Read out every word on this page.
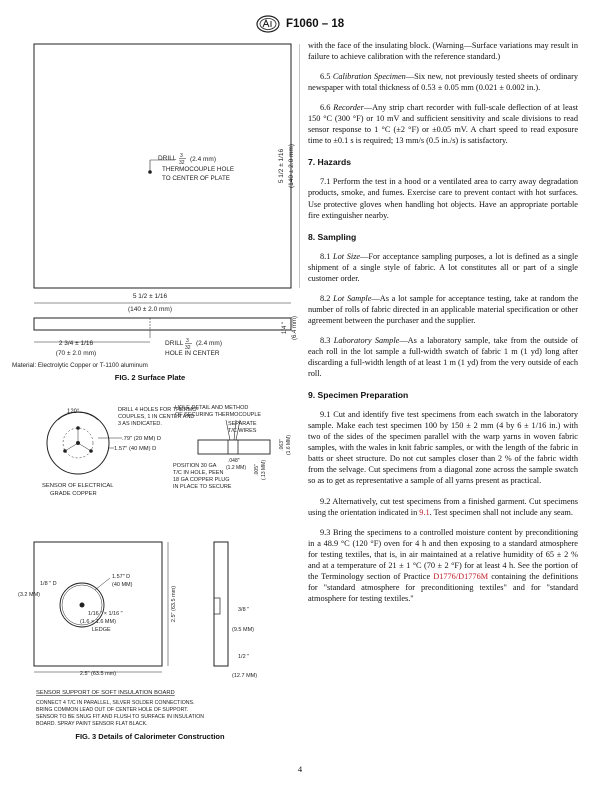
F1060 – 18
DRILL 3
32 (2.4 mm)
THERMOCOUPLE HOLE
TO CENTER OF PLATE	5 1/2 ± 1/16 (140 ± 2.0 mm)
5 1/2 ± 1/16
(140 ± 2.0 mm)
1/4 " (6.4 mm)
2 3/4 ± 1/16
(70 ± 2.0 mm)
DRILL 3
32
(2.4 mm)
HOLE IN CENTER
Material: Electrolytic Copper or T-1100 aluminum
FIG. 2 Surface Plate
120°	DRILL 4 HOLES FOR THERMO-
COUPLES, 1 IN CENTER AND
3 AS INDICATED.
.79" (20 MM) D
1.57" (40 MM) D
SENSOR OF ELECTRICAL
GRADE COPPER
HOLE DETAIL AND METHOD
OF SECURING THERMOCOUPLE
SEPARATE
T/C WIRES
.063" (1.6 MM)
.048"
(1.2 MM) .005" (.13 MM)
POSITION 30 GA
T/C IN HOLE, PEEN
18 GA COPPER PLUG
IN PLACE TO SECURE
1.57" D
(40 MM)
1/8 " D
(3.2 MM)
1/16 " × 1/16 "
(1.6 × 1.6 MM)
LEDGE
2.5" (63.5 mm)
2.5" (63.5 mm)
3/8 "
(9.5 MM)
1/2 "
(12.7 MM)
SENSOR SUPPORT OF SOFT INSULATION BOARD
CONNECT 4 T/C IN PARALLEL, SILVER SOLDER CONNECTIONS.
BRING COMMON LEAD OUT OF CENTER HOLE OF SUPPORT.
SENSOR TO BE SNUG FIT AND FLUSH TO SURFACE IN INSULATION
BOARD. SPRAY PAINT SENSOR FLAT BLACK.
FIG. 3 Details of Calorimeter Construction

with the face of the insulating block. (Warning—Surface variations may result in failure to achieve calibration with the reference standard.)

6.5 Calibration Specimen—Six new, not previously tested sheets of ordinary newspaper with total thickness of 0.53 ± 0.05 mm (0.021 ± 0.002 in.).

6.6 Recorder—Any strip chart recorder with full-scale deflection of at least 150 °C (300 °F) or 10 mV and sufficient sensitivity and scale divisions to read sensor response to 1 °C (±2 °F) or ±0.05 mV. A chart speed to read exposure time to ±0.1 s is required; 13 mm/s (0.5 in./s) is satisfactory.

7. Hazards

7.1 Perform the test in a hood or a ventilated area to carry away degradation products, smoke, and fumes. Exercise care to prevent contact with hot surfaces. Use protective gloves when handling hot objects. Have an appropriate portable fire extinguisher nearby.

8. Sampling

8.1 Lot Size—For acceptance sampling purposes, a lot is defined as a single shipment of a single style of fabric. A lot constitutes all or part of a single customer order.

8.2 Lot Sample—As a lot sample for acceptance testing, take at random the number of rolls of fabric directed in an applicable material specification or other agreement between the purchaser and the supplier.

8.3 Laboratory Sample—As a laboratory sample, take from the outside of each roll in the lot sample a full-width swatch of fabric 1 m (1 yd) long after discarding a full-width length of at least 1 m (1 yd) from the very outside of each roll.

9. Specimen Preparation

9.1 Cut and identify five test specimens from each swatch in the laboratory sample. Make each test specimen 100 by 150 ± 2 mm (4 by 6 ± 1/16 in.) with two of the sides of the specimen parallel with the warp yarns in woven fabric samples, with the wales in knit fabric samples, or with the length of the fabric in batts or sheet structure. Do not cut samples closer than 2 % of the fabric width from the selvage. Cut specimens from a diagonal zone across the sample swatch so as to get as representative a sample of all yarns present as practical.

9.2 Alternatively, cut test specimens from a finished garment. Cut specimens using the orientation indicated in 9.1. Test specimen shall not include any seam.

9.3 Bring the specimens to a controlled moisture content by preconditioning in a 48.9 °C (120 °F) oven for 4 h and then exposing to a standard atmosphere for testing textiles, that is, in air maintained at a relative humidity of 65 ± 2 % and at a temperature of 21 ± 1 °C (70 ± 2 °F) for at least 4 h. See the portion of the Terminology section of Practice D1776/D1776M containing the definitions for "standard atmosphere for preconditioning textiles" and for "standard atmosphere for testing textiles."

4
